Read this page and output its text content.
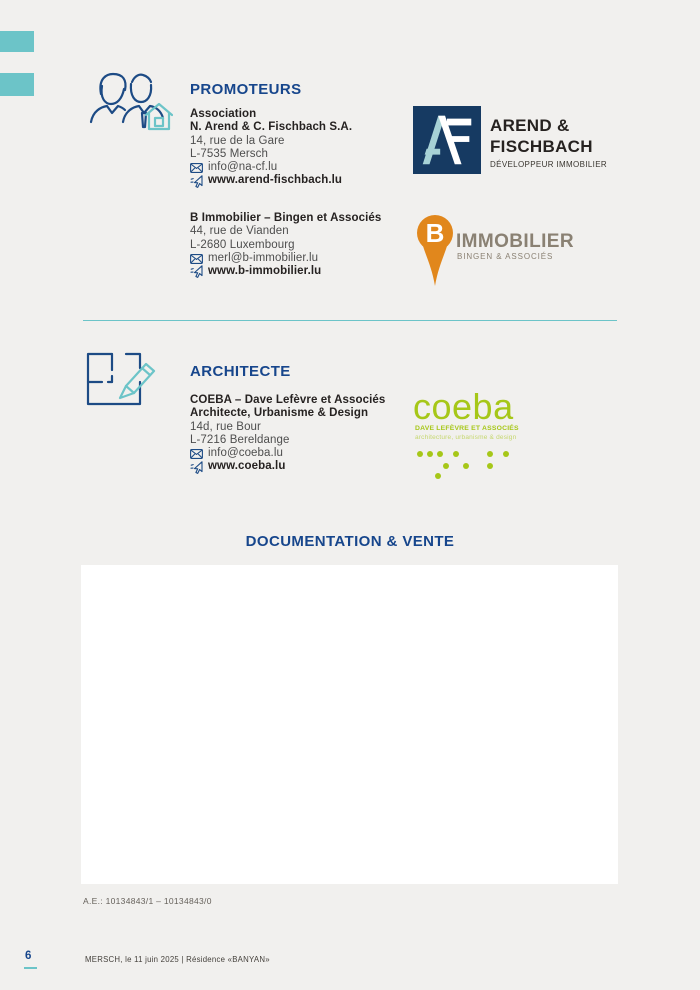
PROMOTEURS
Association
N. Arend & C. Fischbach S.A.
14, rue de la Gare
L-7535 Mersch
info@na-cf.lu
www.arend-fischbach.lu
AREND &
FISCHBACH
DÉVELOPPEUR IMMOBILIER
B Immobilier – Bingen et Associés
44, rue de Vianden
L-2680 Luxembourg
merl@b-immobilier.lu
www.b-immobilier.lu
B IMMOBILIER
BINGEN & ASSOCIÉS
ARCHITECTE
COEBA – Dave Lefèvre et Associés
Architecte, Urbanisme & Design
14d, rue Bour
L-7216 Bereldange
info@coeba.lu
www.coeba.lu
coeba
DAVE LEFÈVRE ET ASSOCIÉS
architecture, urbanisme & design
DOCUMENTATION & VENTE
A.E.: 10134843/1 – 10134843/0
6	MERSCH, le 11 juin 2025 | Résidence «BANYAN»
